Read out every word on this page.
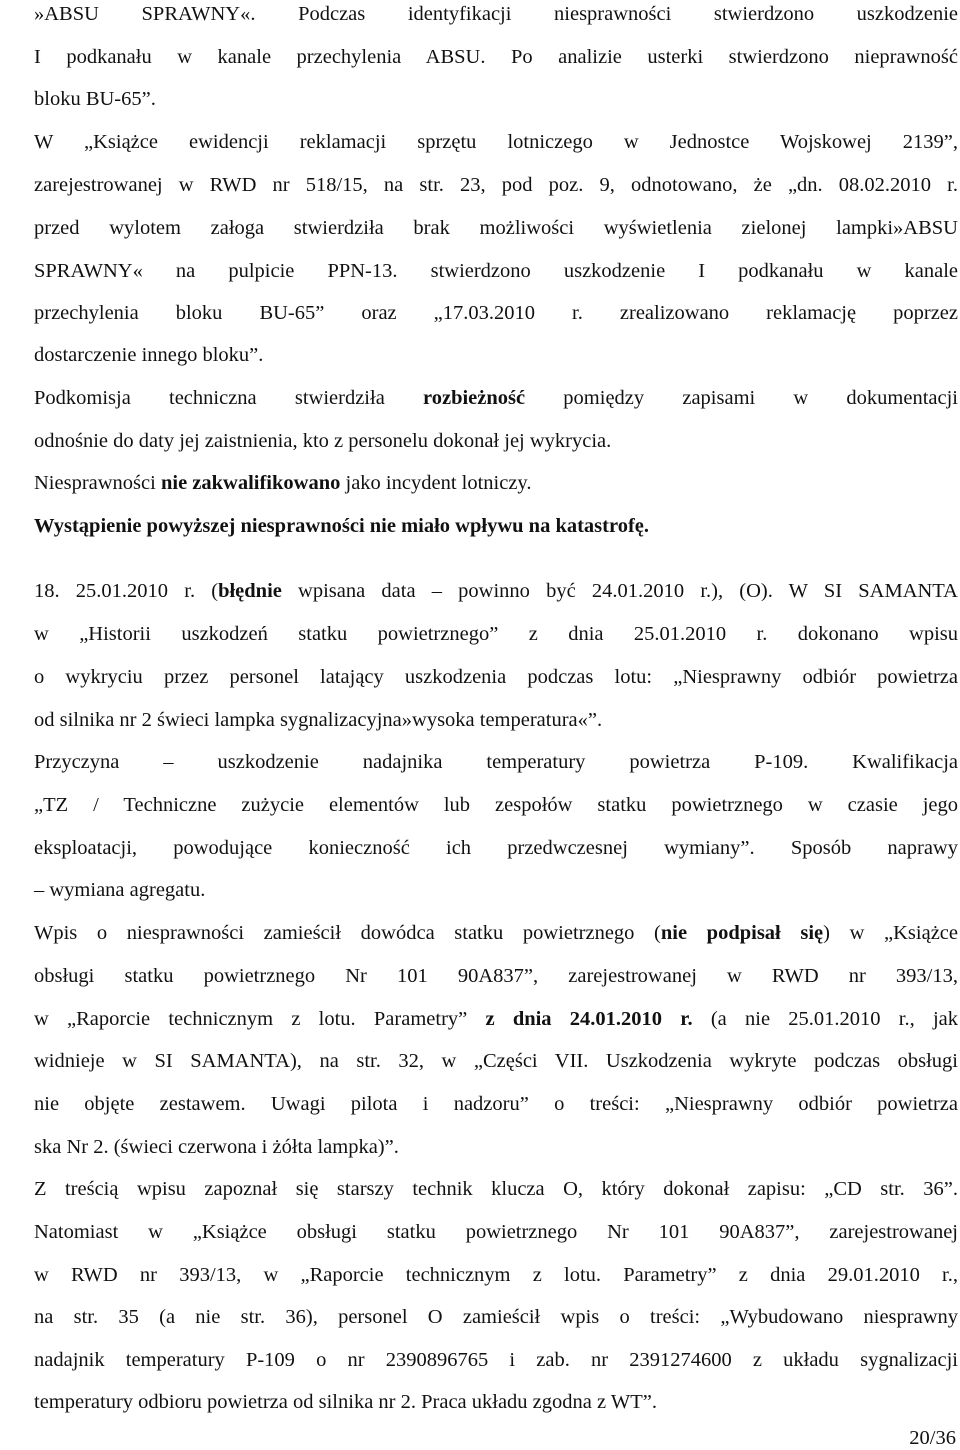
»ABSU SPRAWNY«. Podczas identyfikacji niesprawności stwierdzono uszkodzenie
I podkanału w kanale przechylenia ABSU. Po analizie usterki stwierdzono nieprawność
bloku BU-65”.
W „Książce ewidencji reklamacji sprzętu lotniczego w Jednostce Wojskowej 2139”,
zarejestrowanej w RWD nr 518/15, na str. 23, pod poz. 9, odnotowano, że „dn. 08.02.2010 r.
przed wylotem załoga stwierdziła brak możliwości wyświetlenia zielonej lampki»ABSU
SPRAWNY« na pulpicie PPN-13. stwierdzono uszkodzenie I podkanału w kanale
przechylenia bloku BU-65” oraz „17.03.2010 r. zrealizowano reklamację poprzez
dostarczenie innego bloku”.
Podkomisja techniczna stwierdziła rozbieżność pomiędzy zapisami w dokumentacji
odnośnie do daty jej zaistnienia, kto z personelu dokonał jej wykrycia.
Niesprawności nie zakwalifikowano jako incydent lotniczy.
Wystąpienie powyższej niesprawności nie miało wpływu na katastrofę.
18. 25.01.2010 r. (błędnie wpisana data – powinno być 24.01.2010 r.), (O). W SI SAMANTA
w „Historii uszkodzeń statku powietrznego” z dnia 25.01.2010 r. dokonano wpisu
o wykryciu przez personel latający uszkodzenia podczas lotu: „Niesprawny odbiór powietrza
od silnika nr 2 świeci lampka sygnalizacyjna»wysoka temperatura«”.
Przyczyna – uszkodzenie nadajnika temperatury powietrza P-109. Kwalifikacja
„TZ / Techniczne zużycie elementów lub zespołów statku powietrznego w czasie jego
eksploatacji, powodujące konieczność ich przedwczesnej wymiany”. Sposób naprawy
– wymiana agregatu.
Wpis o niesprawności zamieścił dowódca statku powietrznego (nie podpisał się) w „Książce
obsługi statku powietrznego Nr 101 90A837”, zarejestrowanej w RWD nr 393/13,
w „Raporcie technicznym z lotu. Parametry” z dnia 24.01.2010 r. (a nie 25.01.2010 r., jak
widnieje w SI SAMANTA), na str. 32, w „Części VII. Uszkodzenia wykryte podczas obsługi
nie objęte zestawem. Uwagi pilota i nadzoru” o treści: „Niesprawny odbiór powietrza
ska Nr 2. (świeci czerwona i żółta lampka)”.
Z treścią wpisu zapoznał się starszy technik klucza O, który dokonał zapisu: „CD str. 36”.
Natomiast w „Książce obsługi statku powietrznego Nr 101 90A837”, zarejestrowanej
w RWD nr 393/13, w „Raporcie technicznym z lotu. Parametry” z dnia 29.01.2010 r.,
na str. 35 (a nie str. 36), personel O zamieścił wpis o treści: „Wybudowano niesprawny
nadajnik temperatury P-109 o nr 2390896765 i zab. nr 2391274600 z układu sygnalizacji
temperatury odbioru powietrza od silnika nr 2. Praca układu zgodna z WT”.
20/36
